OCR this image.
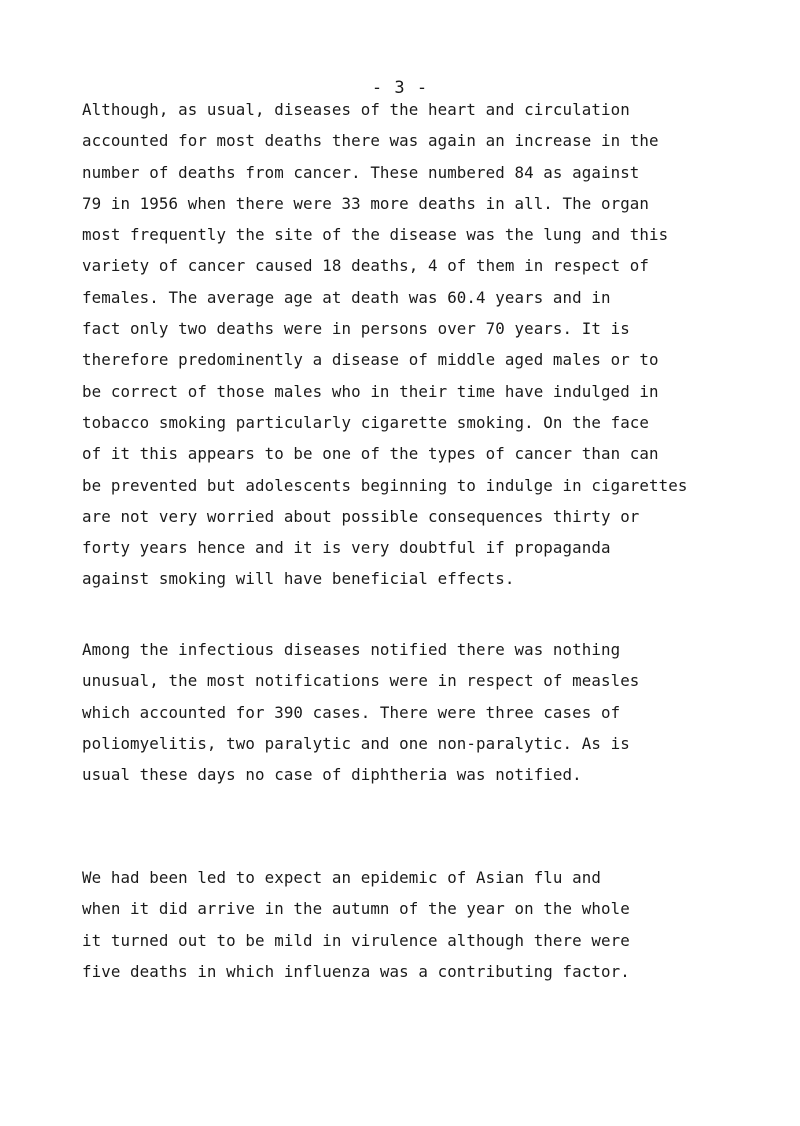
- 3 -

Although, as usual, diseases of the heart and circulation
accounted for most deaths there was again an increase in the
number of deaths from cancer. These numbered 84 as against
79 in 1956 when there were 33 more deaths in all. The organ
most frequently the site of the disease was the lung and this
variety of cancer caused 18 deaths, 4 of them in respect of
females. The average age at death was 60.4 years and in
fact only two deaths were in persons over 70 years. It is
therefore predominently a disease of middle aged males or to
be correct of those males who in their time have indulged in
tobacco smoking particularly cigarette smoking. On the face
of it this appears to be one of the types of cancer than can
be prevented but adolescents beginning to indulge in cigarettes
are not very worried about possible consequences thirty or
forty years hence and it is very doubtful if propaganda
against smoking will have beneficial effects.

Among the infectious diseases notified there was nothing
unusual, the most notifications were in respect of measles
which accounted for 390 cases. There were three cases of
poliomyelitis, two paralytic and one non-paralytic. As is
usual these days no case of diphtheria was notified.

We had been led to expect an epidemic of Asian flu and
when it did arrive in the autumn of the year on the whole
it turned out to be mild in virulence although there were
five deaths in which influenza was a contributing factor.
